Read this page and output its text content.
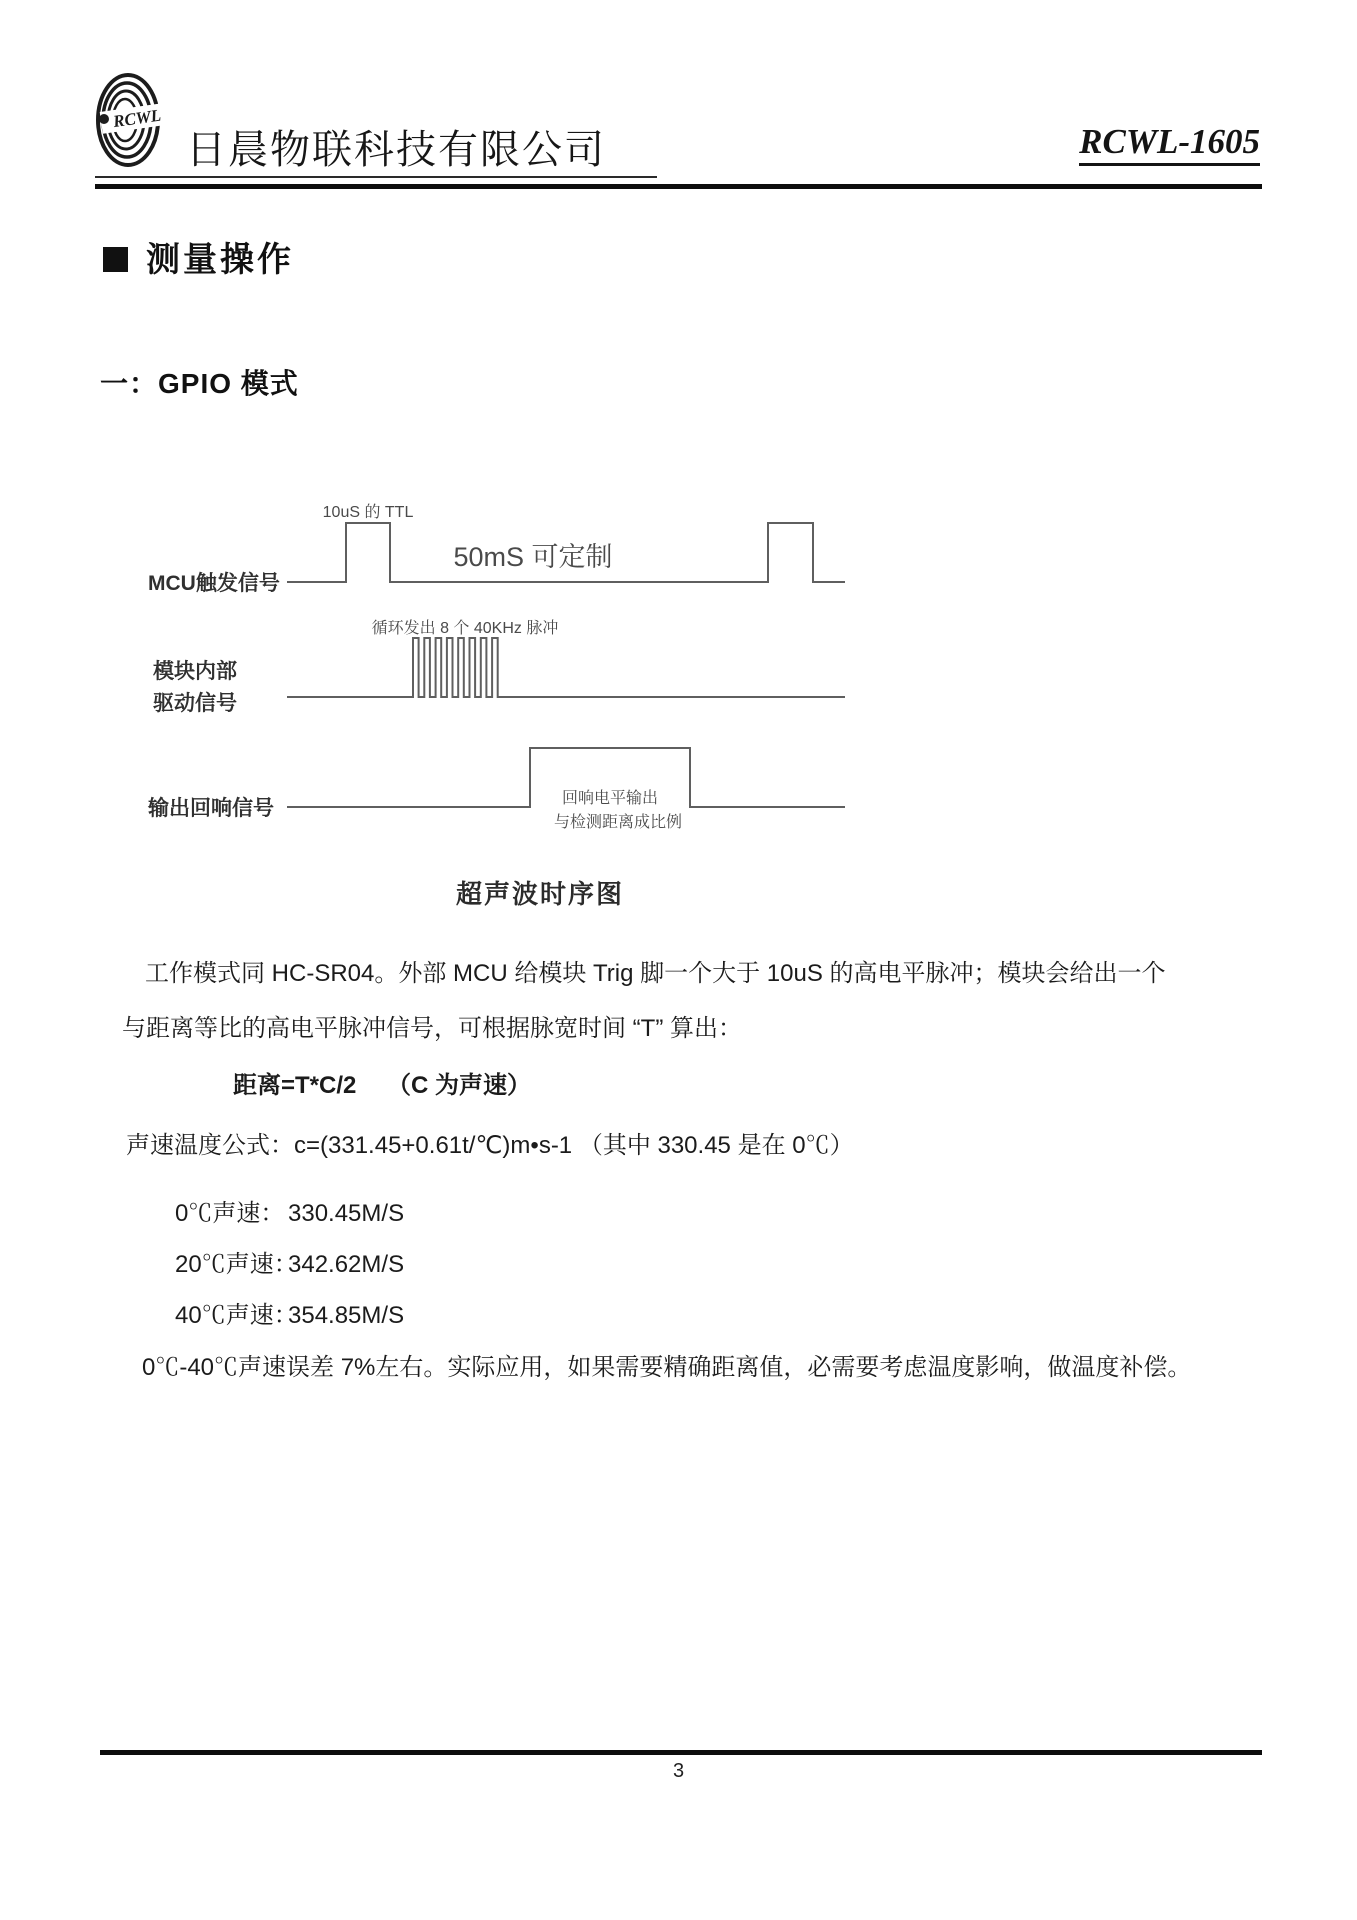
RCWL
日晨物联科技有限公司	RCWL-1605
测量操作
一：GPIO 模式
MCU触发信号
10uS 的 TTL
50mS 可定制
模块内部
驱动信号
循环发出 8 个 40KHz 脉冲
输出回响信号	回响电平输出
与检测距离成比例
超声波时序图
工作模式同 HC-SR04。外部 MCU 给模块 Trig 脚一个大于 10uS 的高电平脉冲；模块会给出一个
与距离等比的高电平脉冲信号，可根据脉宽时间 “T” 算出：
距离=T*C/2　 （C 为声速）
声速温度公式：c=(331.45+0.61t/℃)m•s-1 （其中 330.45 是在 0℃）
0℃声速： 330.45M/S
20℃声速：
342.62M/S
40℃声速：
354.85M/S
0℃-40℃声速误差 7%左右。实际应用，如果需要精确距离值，必需要考虑温度影响，做温度补偿。
3
